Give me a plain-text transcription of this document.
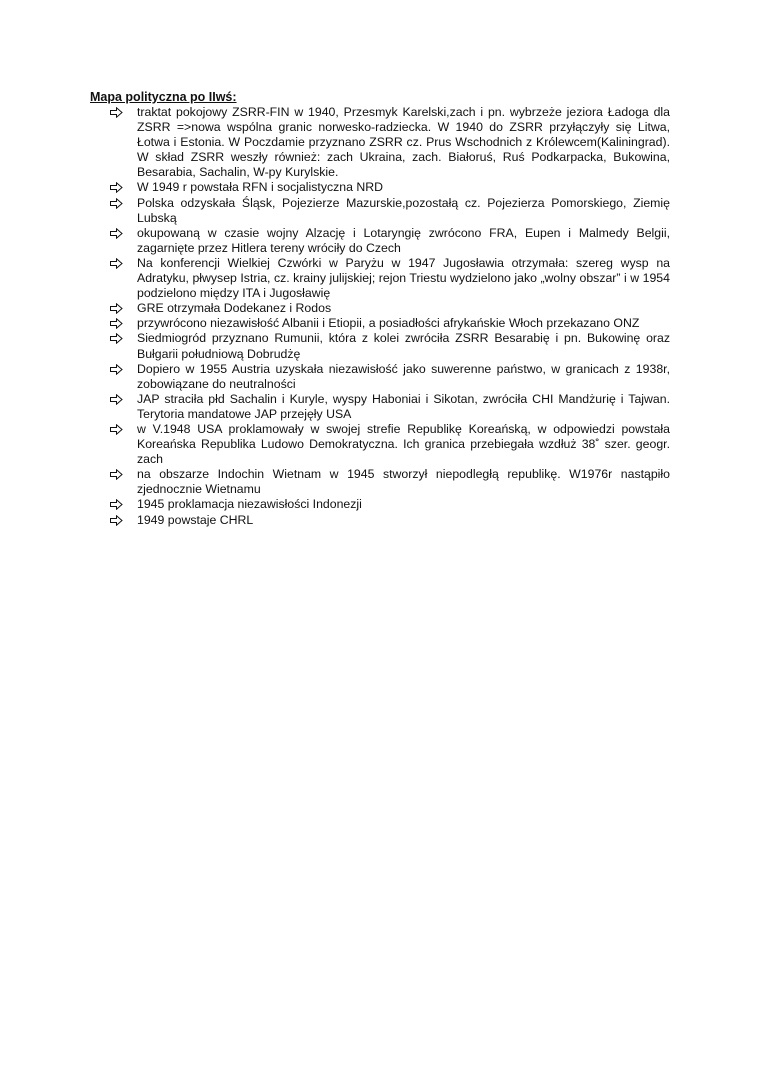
Mapa polityczna po IIwś:
traktat pokojowy ZSRR-FIN w 1940, Przesmyk Karelski,zach i pn. wybrzeże jeziora Ładoga dla ZSRR =>nowa wspólna granic norwesko-radziecka. W 1940 do ZSRR przyłączyły się Litwa, Łotwa i Estonia. W Poczdamie przyznano ZSRR cz. Prus Wschodnich z Królewcem(Kaliningrad). W skład ZSRR weszły również: zach Ukraina, zach. Białoruś, Ruś Podkarpacka, Bukowina, Besarabia, Sachalin, W-py Kurylskie.
W 1949 r powstała RFN i socjalistyczna NRD
Polska odzyskała Śląsk, Pojezierze Mazurskie,pozostałą cz. Pojezierza Pomorskiego, Ziemię Lubską
okupowaną w czasie wojny Alzację i Lotaryngię zwrócono FRA, Eupen i Malmedy Belgii, zagarnięte przez Hitlera tereny wróciły do Czech
Na konferencji Wielkiej Czwórki w Paryżu w 1947 Jugosławia otrzymała: szereg wysp na Adratyku, płwysep Istria, cz. krainy julijskiej; rejon Triestu wydzielono jako „wolny obszar” i w 1954 podzielono między ITA i Jugosławię
GRE otrzymała Dodekanez i Rodos
przywrócono niezawisłość Albanii i Etiopii, a posiadłości afrykańskie Włoch przekazano ONZ
Siedmiogród przyznano Rumunii, która z kolei zwróciła ZSRR Besarabię i pn. Bukowinę oraz Bułgarii południową Dobrudżę
Dopiero w 1955 Austria uzyskała niezawisłość jako suwerenne państwo, w granicach z 1938r, zobowiązane do neutralności
JAP straciła płd Sachalin i Kuryle, wyspy Haboniai i Sikotan, zwróciła CHI Mandżurię i Tajwan. Terytoria mandatowe JAP przejęły USA
w V.1948 USA proklamowały w swojej strefie Republikę Koreańską, w odpowiedzi powstała Koreańska Republika Ludowo Demokratyczna. Ich granica przebiegała wzdłuż 38˚ szer. geogr. zach
na obszarze Indochin Wietnam w 1945 stworzył niepodległą republikę. W1976r nastąpiło zjednocznie Wietnamu
1945 proklamacja niezawisłości Indonezji
1949 powstaje CHRL
